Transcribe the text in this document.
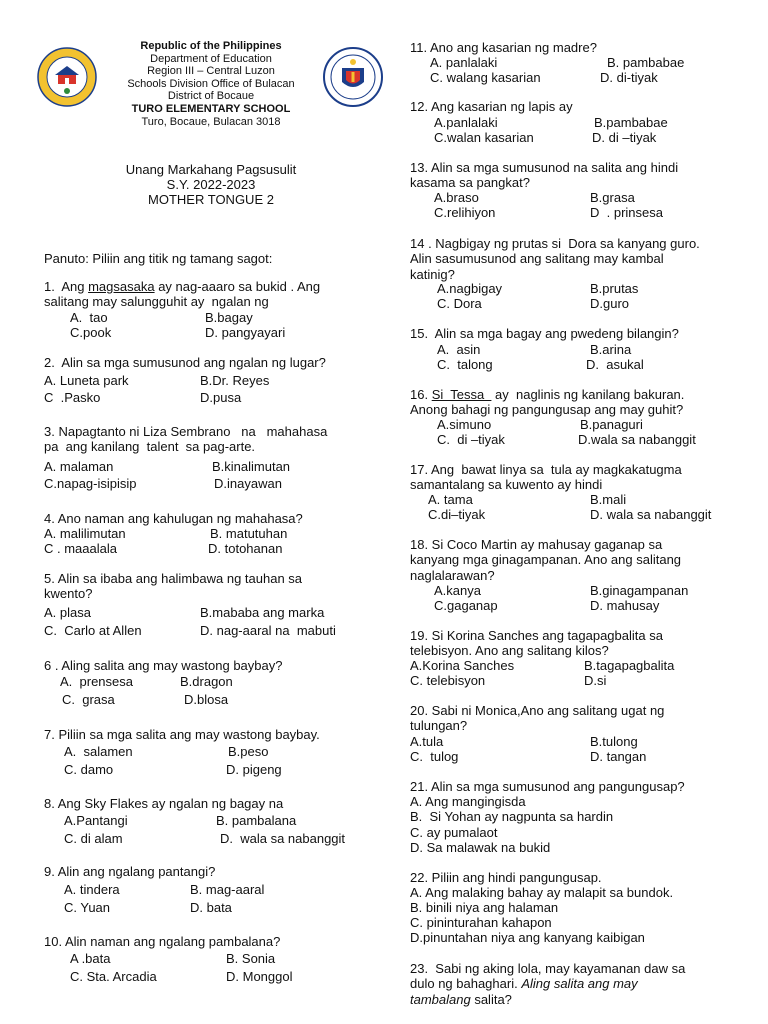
Republic of the Philippines
Department of Education
Region III – Central Luzon
Schools Division Office of Bulacan
District of Bocaue
TURO ELEMENTARY SCHOOL
Turo, Bocaue, Bulacan 3018
Unang Markahang Pagsusulit
S.Y. 2022-2023
MOTHER TONGUE 2
Panuto: Piliin ang titik ng tamang sagot:
1.  Ang magsasaka ay nag-aaaro sa bukid . Ang
salitang may salungguhit ay  ngalan ng
A.  tao	B.bagay
C.pook	D. pangyayari
2.  Alin sa mga sumusunod ang ngalan ng lugar?
A. Luneta park	B.Dr. Reyes
C  .Pasko	D.pusa
3. Napagtanto ni Liza Sembrano   na   mahahasa
pa  ang kanilang  talent  sa pag-arte.
A. malaman	B.kinalimutan
C.napag-isipisip	D.inayawan
4. Ano naman ang kahulugan ng mahahasa?
A. malilimutan	B. matutuhan
C . maaalala	D. totohanan
5. Alin sa ibaba ang halimbawa ng tauhan sa
kwento?
A. plasa	B.mababa ang marka
C.  Carlo at Allen	D. nag-aaral na  mabuti
6 . Aling salita ang may wastong baybay?
A.  prensesa	B.dragon
C.  grasa	D.blosa
7. Piliin sa mga salita ang may wastong baybay.
A.  salamen	B.peso
C. damo	D. pigeng
8. Ang Sky Flakes ay ngalan ng bagay na
A.Pantangi	B. pambalana
C. di alam	D.  wala sa nabanggit
9. Alin ang ngalang pantangi?
A. tindera	B. mag-aaral
C. Yuan	D. bata
10. Alin naman ang ngalang pambalana?
A .bata	B. Sonia
C. Sta. Arcadia	D. Monggol
11. Ano ang kasarian ng madre?
A. panlalaki	B. pambabae
C. walang kasarian	D. di-tiyak
12. Ang kasarian ng lapis ay
A.panlalaki	B.pambabae
C.walan kasarian	D. di –tiyak
13. Alin sa mga sumusunod na salita ang hindi
kasama sa pangkat?
A.braso	B.grasa
C.relihiyon	D  . prinsesa
14 . Nagbigay ng prutas si  Dora sa kanyang guro.
Alin sasumusunod ang salitang may kambal
katinig?
A.nagbigay	B.prutas
C. Dora	D.guro
15.  Alin sa mga bagay ang pwedeng bilangin?
A.  asin	B.arina
C.  talong	D.  asukal
16. Si  Tessa   ay  naglinis ng kanilang bakuran.
Anong bahagi ng pangungusap ang may guhit?
A.simuno	B.panaguri
C.  di –tiyak	D.wala sa nabanggit
17. Ang  bawat linya sa  tula ay magkakatugma
samantalang sa kuwento ay hindi
A. tama	B.mali
C.di–tiyak	D. wala sa nabanggit
18. Si Coco Martin ay mahusay gaganap sa
kanyang mga ginagampanan. Ano ang salitang
naglalarawan?
A.kanya	B.ginagampanan
C.gaganap	D. mahusay
19. Si Korina Sanches ang tagapagbalita sa
telebisyon. Ano ang salitang kilos?
A.Korina Sanches	B.tagapagbalita
C. telebisyon	D.si
20. Sabi ni Monica,Ano ang salitang ugat ng
tulungan?
A.tula	B.tulong
C.  tulog	D. tangan
21. Alin sa mga sumusunod ang pangungusap?
A. Ang mangingisda
B.  Si Yohan ay nagpunta sa hardin
C. ay pumalaot
D. Sa malawak na bukid
22. Piliin ang hindi pangungusap.
A. Ang malaking bahay ay malapit sa bundok.
B. binili niya ang halaman
C. pininturahan kahapon
D.pinuntahan niya ang kanyang kaibigan
23.  Sabi ng aking lola, may kayamanan daw sa
dulo ng bahaghari. Aling salita ang may
tambalang salita?
